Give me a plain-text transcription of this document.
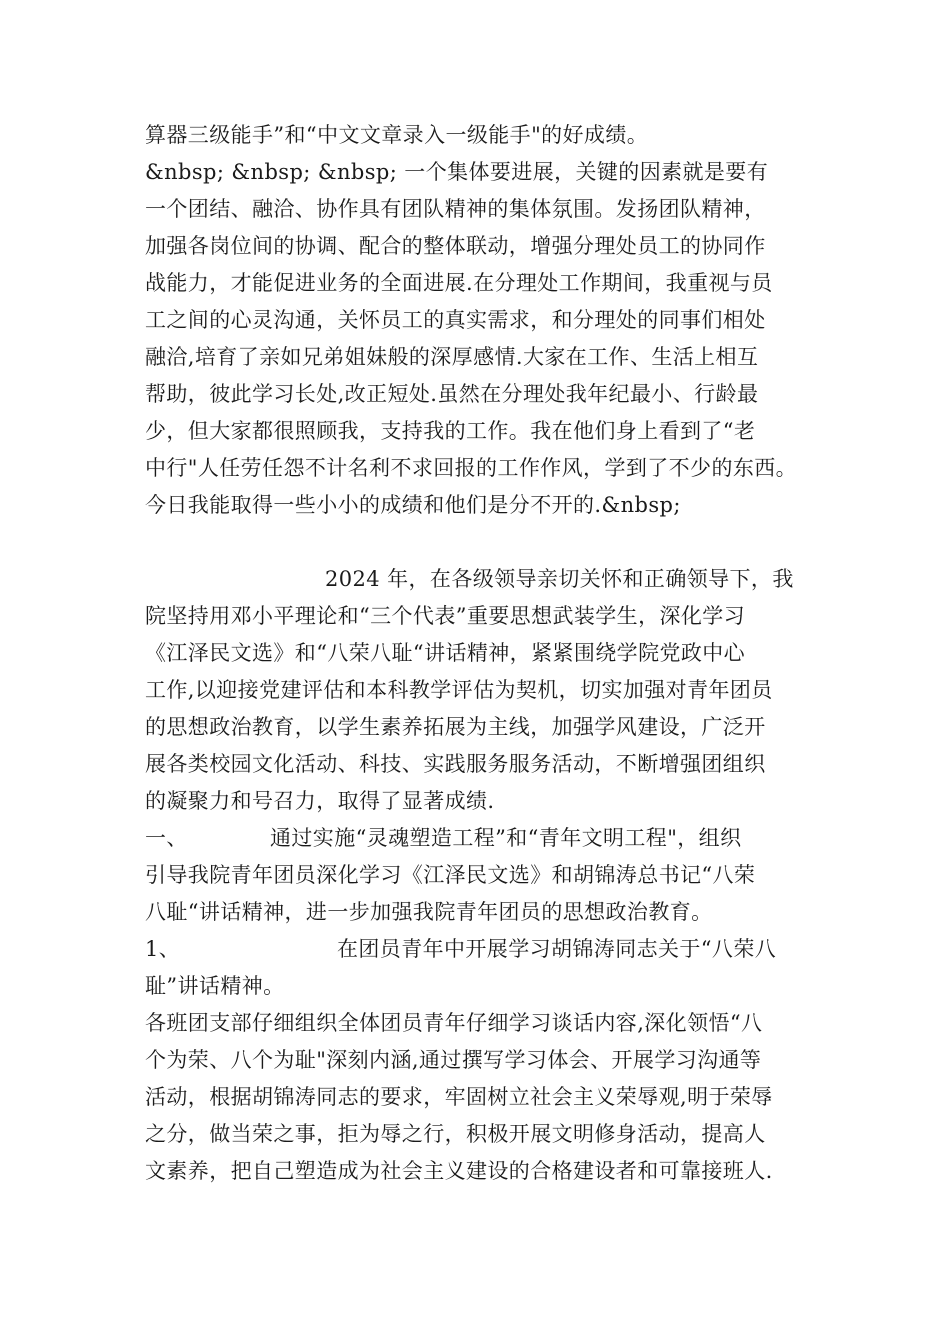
算器三级能手”和“中文文章录入一级能手"的好成绩。
&nbsp; &nbsp; &nbsp; 一个集体要进展，关键的因素就是要有
一个团结、融洽、协作具有团队精神的集体氛围。发扬团队精神，
加强各岗位间的协调、配合的整体联动，增强分理处员工的协同作
战能力，才能促进业务的全面进展.在分理处工作期间，我重视与员
工之间的心灵沟通，关怀员工的真实需求，和分理处的同事们相处
融洽,培育了亲如兄弟姐妹般的深厚感情.大家在工作、生活上相互
帮助，彼此学习长处,改正短处.虽然在分理处我年纪最小、行龄最
少，但大家都很照顾我，支持我的工作。我在他们身上看到了“老
中行"人任劳任怨不计名利不求回报的工作作风，学到了不少的东西。
今日我能取得一些小小的成绩和他们是分不开的.&nbsp;
2024 年，在各级领导亲切关怀和正确领导下，我
院坚持用邓小平理论和“三个代表”重要思想武装学生，深化学习
《江泽民文选》和“八荣八耻“讲话精神，紧紧围绕学院党政中心
工作,以迎接党建评估和本科教学评估为契机，切实加强对青年团员
的思想政治教育，以学生素养拓展为主线，加强学风建设，广泛开
展各类校园文化活动、科技、实践服务服务活动，不断增强团组织
的凝聚力和号召力，取得了显著成绩.
一、	通过实施“灵魂塑造工程”和“青年文明工程"，组织
引导我院青年团员深化学习《江泽民文选》和胡锦涛总书记“八荣
八耻“讲话精神，进一步加强我院青年团员的思想政治教育。
1、	在团员青年中开展学习胡锦涛同志关于“八荣八
耻”讲话精神。
各班团支部仔细组织全体团员青年仔细学习谈话内容,深化领悟“八
个为荣、八个为耻"深刻内涵,通过撰写学习体会、开展学习沟通等
活动，根据胡锦涛同志的要求，牢固树立社会主义荣辱观,明于荣辱
之分，做当荣之事，拒为辱之行，积极开展文明修身活动，提高人
文素养，把自己塑造成为社会主义建设的合格建设者和可靠接班人.
